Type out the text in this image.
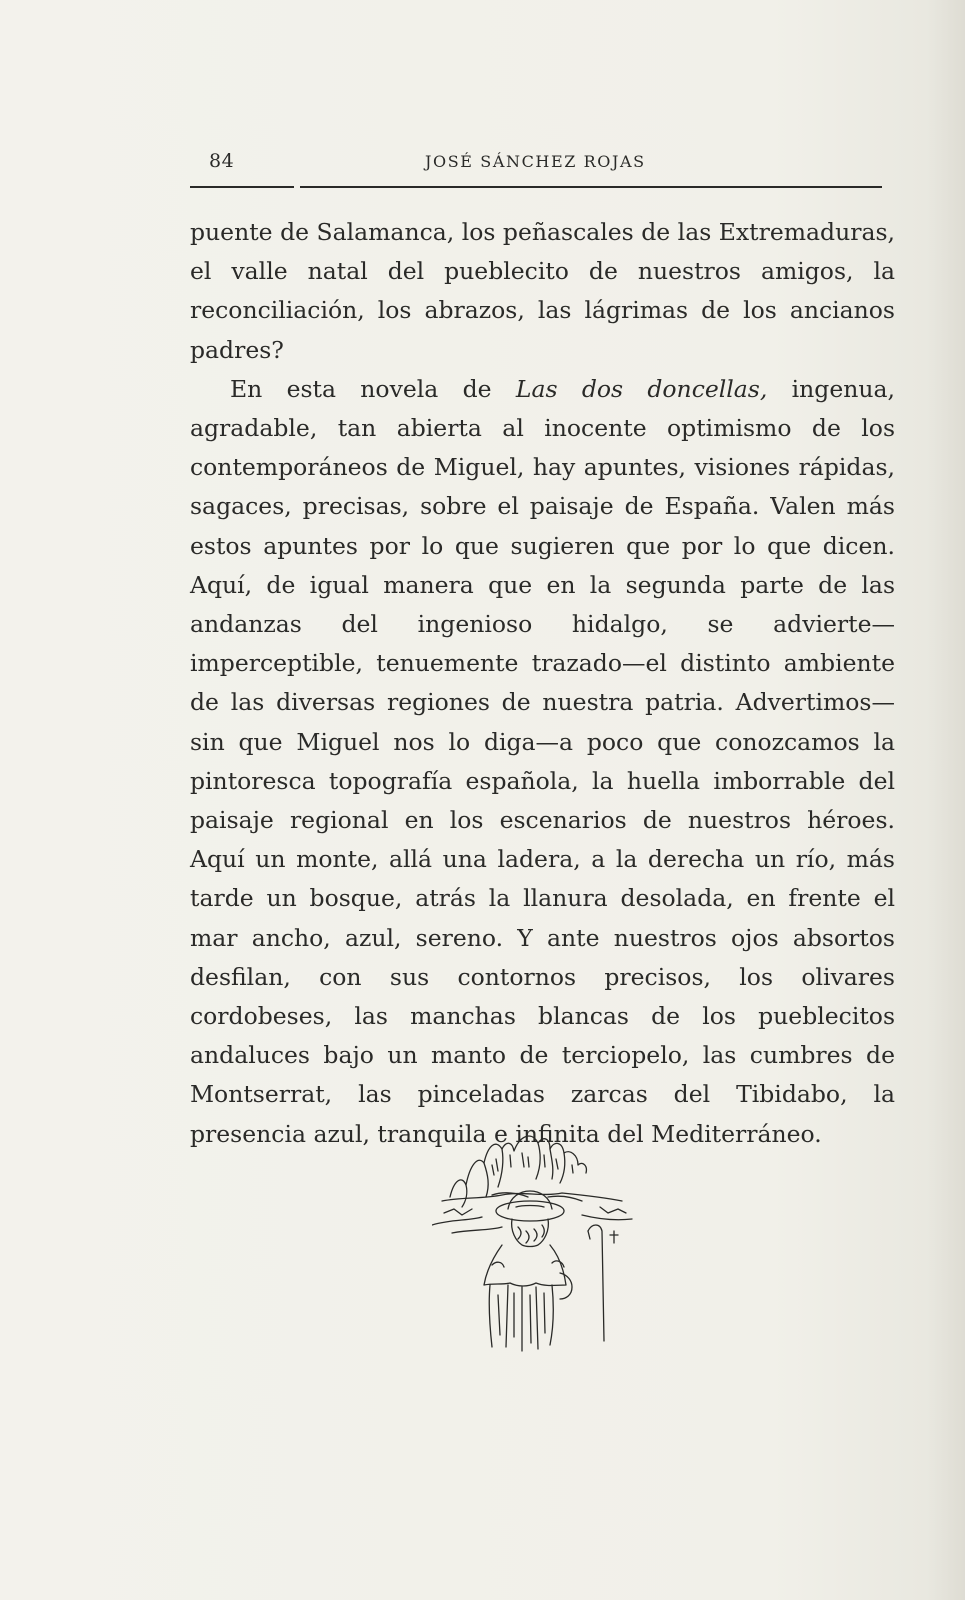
84	JOSÉ SÁNCHEZ ROJAS

puente de Salamanca, los peñascales de las Extremaduras, el valle natal del pueblecito de nuestros amigos, la reconciliación, los abrazos, las lágrimas de los ancianos padres?

En esta novela de Las dos doncellas, ingenua, agradable, tan abierta al inocente optimismo de los contemporáneos de Miguel, hay apuntes, visiones rápidas, sagaces, precisas, sobre el paisaje de España. Valen más estos apuntes por lo que sugieren que por lo que dicen. Aquí, de igual manera que en la segunda parte de las andanzas del ingenioso hidalgo, se advierte—imperceptible, tenuemente trazado—el distinto ambiente de las diversas regiones de nuestra patria. Advertimos—sin que Miguel nos lo diga—a poco que conozcamos la pintoresca topografía española, la huella imborrable del paisaje regional en los escenarios de nuestros héroes. Aquí un monte, allá una ladera, a la derecha un río, más tarde un bosque, atrás la llanura desolada, en frente el mar ancho, azul, sereno. Y ante nuestros ojos absortos desfilan, con sus contornos precisos, los olivares cordobeses, las manchas blancas de los pueblecitos andaluces bajo un manto de terciopelo, las cumbres de Montserrat, las pinceladas zarcas del Tibidabo, la presencia azul, tranquila e infinita del Mediterráneo.
